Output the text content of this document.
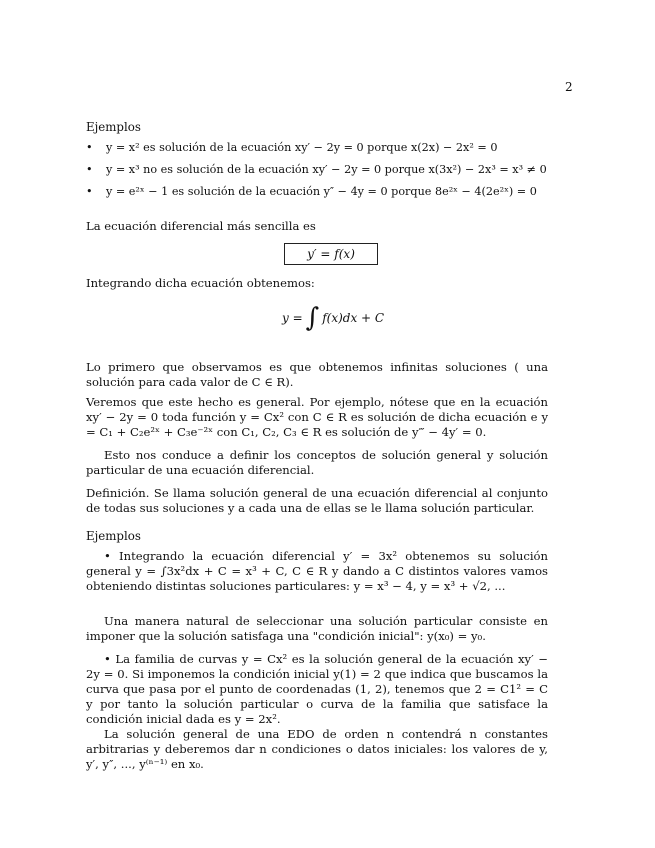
2
Ejemplos
• y = x² es solución de la ecuación xy′ − 2y = 0 porque x(2x) − 2x² = 0
• y = x³ no es solución de la ecuación xy′ − 2y = 0 porque x(3x²) − 2x³ = x³ ≠ 0
• y = e²ˣ − 1 es solución de la ecuación y″ − 4y = 0 porque 8e²ˣ − 4(2e²ˣ) = 0
La ecuación diferencial más sencilla es
y′ = f(x)
Integrando dicha ecuación obtenemos:
y = ∫ f(x)dx + C
Lo primero que observamos es que obtenemos infinitas soluciones ( una solución para cada valor de C ∈ R).
Veremos que este hecho es general. Por ejemplo, nótese que en la ecuación xy′ − 2y = 0 toda función y = Cx² con C ∈ R es solución de dicha ecuación e y = C₁ + C₂e²ˣ + C₃e⁻²ˣ con C₁, C₂, C₃ ∈ R es solución de y‴ − 4y′ = 0.
Esto nos conduce a definir los conceptos de solución general y solución particular de una ecuación diferencial.
Definición. Se llama solución general de una ecuación diferencial al conjunto de todas sus soluciones y a cada una de ellas se le llama solución particular.
Ejemplos
• Integrando la ecuación diferencial y′ = 3x² obtenemos su solución general y = ∫3x²dx + C = x³ + C, C ∈ R y dando a C distintos valores vamos obteniendo distintas soluciones particulares: y = x³ − 4, y = x³ + √2, ...
Una manera natural de seleccionar una solución particular consiste en imponer que la solución satisfaga una "condición inicial": y(x₀) = y₀.
• La familia de curvas y = Cx² es la solución general de la ecuación xy′ − 2y = 0. Si imponemos la condición inicial y(1) = 2 que indica que buscamos la curva que pasa por el punto de coordenadas (1, 2), tenemos que 2 = C1² = C y por tanto la solución particular o curva de la familia que satisface la condición inicial dada es y = 2x².
La solución general de una EDO de orden n contendrá n constantes arbitrarias y deberemos dar n condiciones o datos iniciales: los valores de y, y′, y″, ..., y⁽ⁿ⁻¹⁾ en x₀.
